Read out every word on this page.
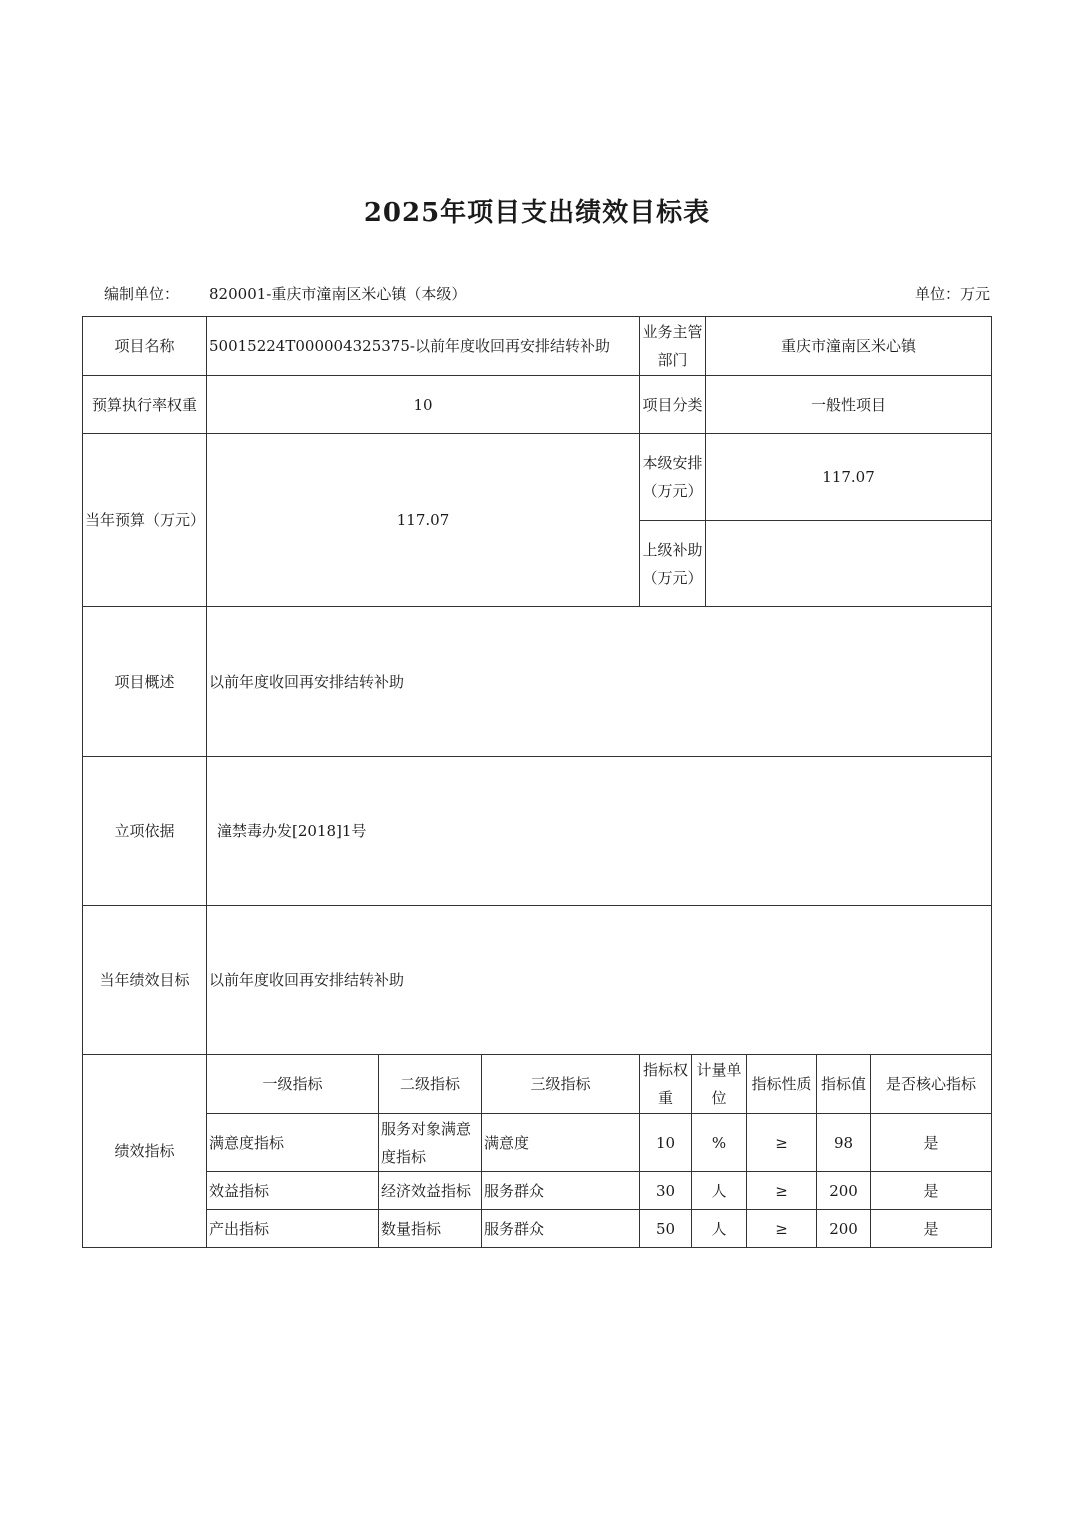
2025年项目支出绩效目标表
编制单位： 820001-重庆市潼南区米心镇（本级）	单位：万元
项目名称	50015224T000004325375-以前年度收回再安排结转补助			业务主管部门		重庆市潼南区米心镇			
预算执行率权重	10			项目分类		一般性项目			
当年预算（万元）	117.07			本级安排（万元）		117.07			
				上级补助（万元）					
项目概述	以前年度收回再安排结转补助								
立项依据	潼禁毒办发[2018]1号								
当年绩效目标	以前年度收回再安排结转补助								
绩效指标	一级指标	二级指标	三级指标	指标权重	计量单位		指标性质	指标值	是否核心指标
	满意度指标	服务对象满意度指标	满意度	10	%		≥	98	是
	效益指标	经济效益指标	服务群众	30	人		≥	200	是
	产出指标	数量指标	服务群众	50	人		≥	200	是
